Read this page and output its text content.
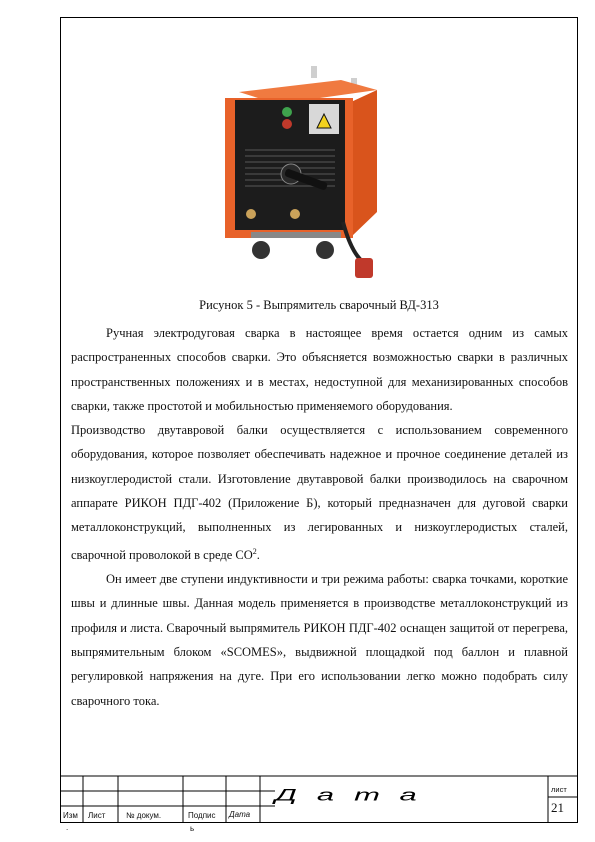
Рисунок 5 - Выпрямитель сварочный ВД-313

Ручная электродуговая сварка в настоящее время остается одним из самых распространенных способов сварки. Это объясняется возможностью сварки в различных пространственных положениях и в местах, недоступной для механизированных способов сварки, также простотой и мобильностью применяемого оборудования.

Производство двутавровой балки осуществляется с использованием современного оборудования, которое позволяет обеспечивать надежное и прочное соединение деталей из низкоуглеродистой стали. Изготовление двутавровой балки производилось на сварочном аппарате РИКОН ПДГ-402 (Приложение Б), который предназначен для дуговой сварки металлоконструкций, выполненных из легированных и низкоуглеродистых сталей, сварочной проволокой в среде $CO^2$.

Он имеет две ступени индуктивности и три режима работы: сварка точками, короткие швы и длинные швы. Данная модель применяется в производстве металлоконструкций из профиля и листа. Сварочный выпрямитель РИКОН ПДГ-402 оснащен защитой от перегрева, выпрямительным блоком «SCOMES», выдвижной площадкой под баллон и плавной регулировкой напряжения на дуге. При его использовании легко можно подобрать силу сварочного тока.

Изм Лист	№ докум.	Подпис Дата
ь
.
Дата	лист
21
